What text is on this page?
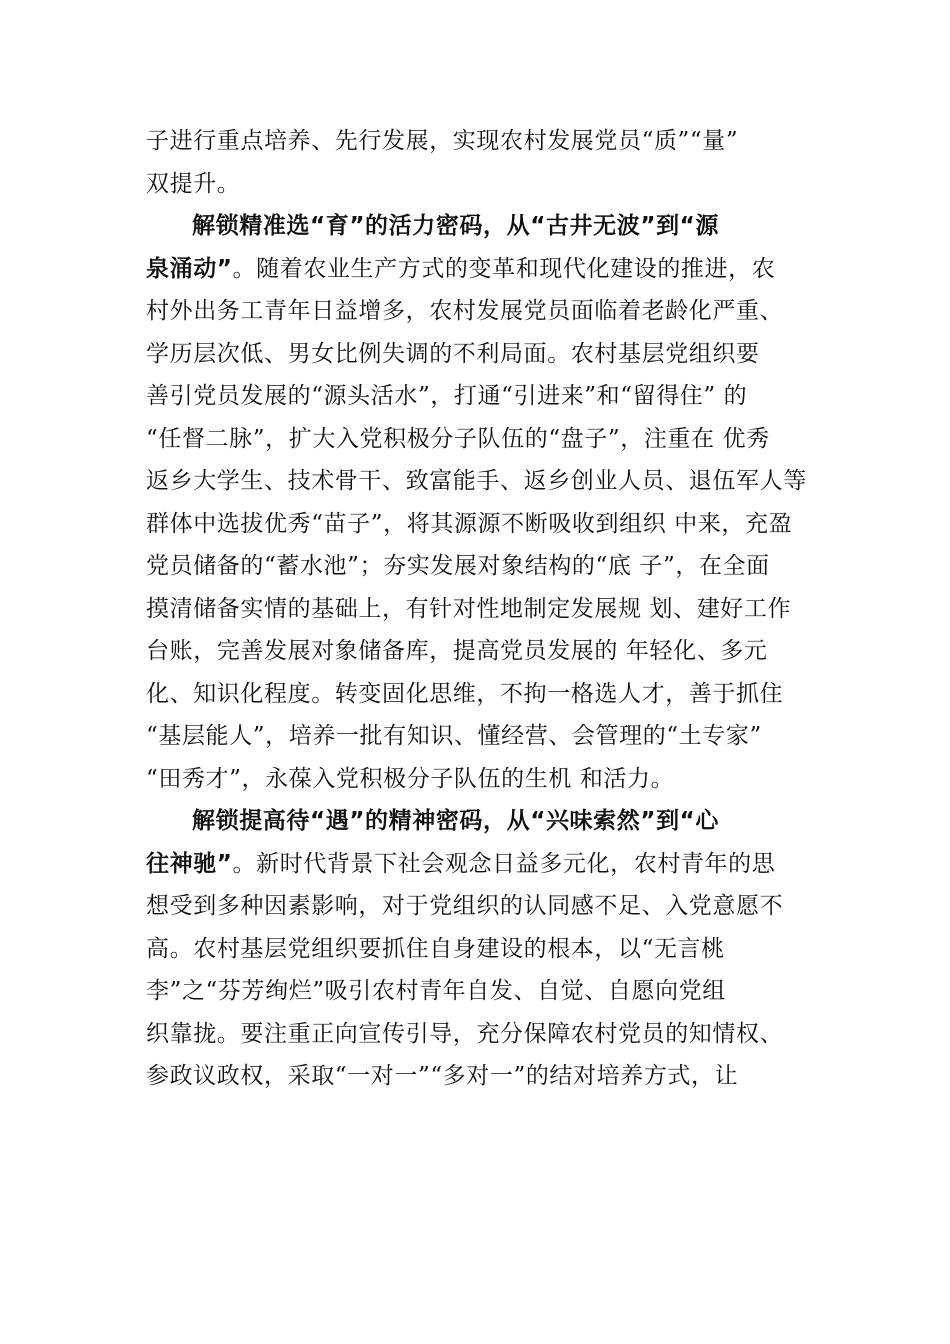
子进行重点培养、先行发展，实现农村发展党员“质”“量”
双提升。
解锁精准选“育”的活力密码，从“古井无波”到“源
泉涌动”。随着农业生产方式的变革和现代化建设的推进，农
村外出务工青年日益增多，农村发展党员面临着老龄化严重、
学历层次低、男女比例失调的不利局面。农村基层党组织要
善引党员发展的“源头活水”，打通“引进来”和“留得住” 的
“任督二脉”，扩大入党积极分子队伍的“盘子”，注重在 优秀
返乡大学生、技术骨干、致富能手、返乡创业人员、退伍军人等
群体中选拔优秀“苗子”，将其源源不断吸收到组织 中来，充盈
党员储备的“蓄水池”；夯实发展对象结构的“底 子”，在全面
摸清储备实情的基础上，有针对性地制定发展规 划、建好工作
台账，完善发展对象储备库，提高党员发展的 年轻化、多元
化、知识化程度。转变固化思维，不拘一格选人才，善于抓住
“基层能人”，培养一批有知识、懂经营、会管理的“土专家”
“田秀才”，永葆入党积极分子队伍的生机 和活力。
解锁提高待“遇”的精神密码，从“兴味索然”到“心
往神驰”。新时代背景下社会观念日益多元化，农村青年的思
想受到多种因素影响，对于党组织的认同感不足、入党意愿不
高。农村基层党组织要抓住自身建设的根本，以“无言桃
李”之“芬芳绚烂”吸引农村青年自发、自觉、自愿向党组
织靠拢。要注重正向宣传引导，充分保障农村党员的知情权、
参政议政权，采取“一对一”“多对一”的结对培养方式，让
